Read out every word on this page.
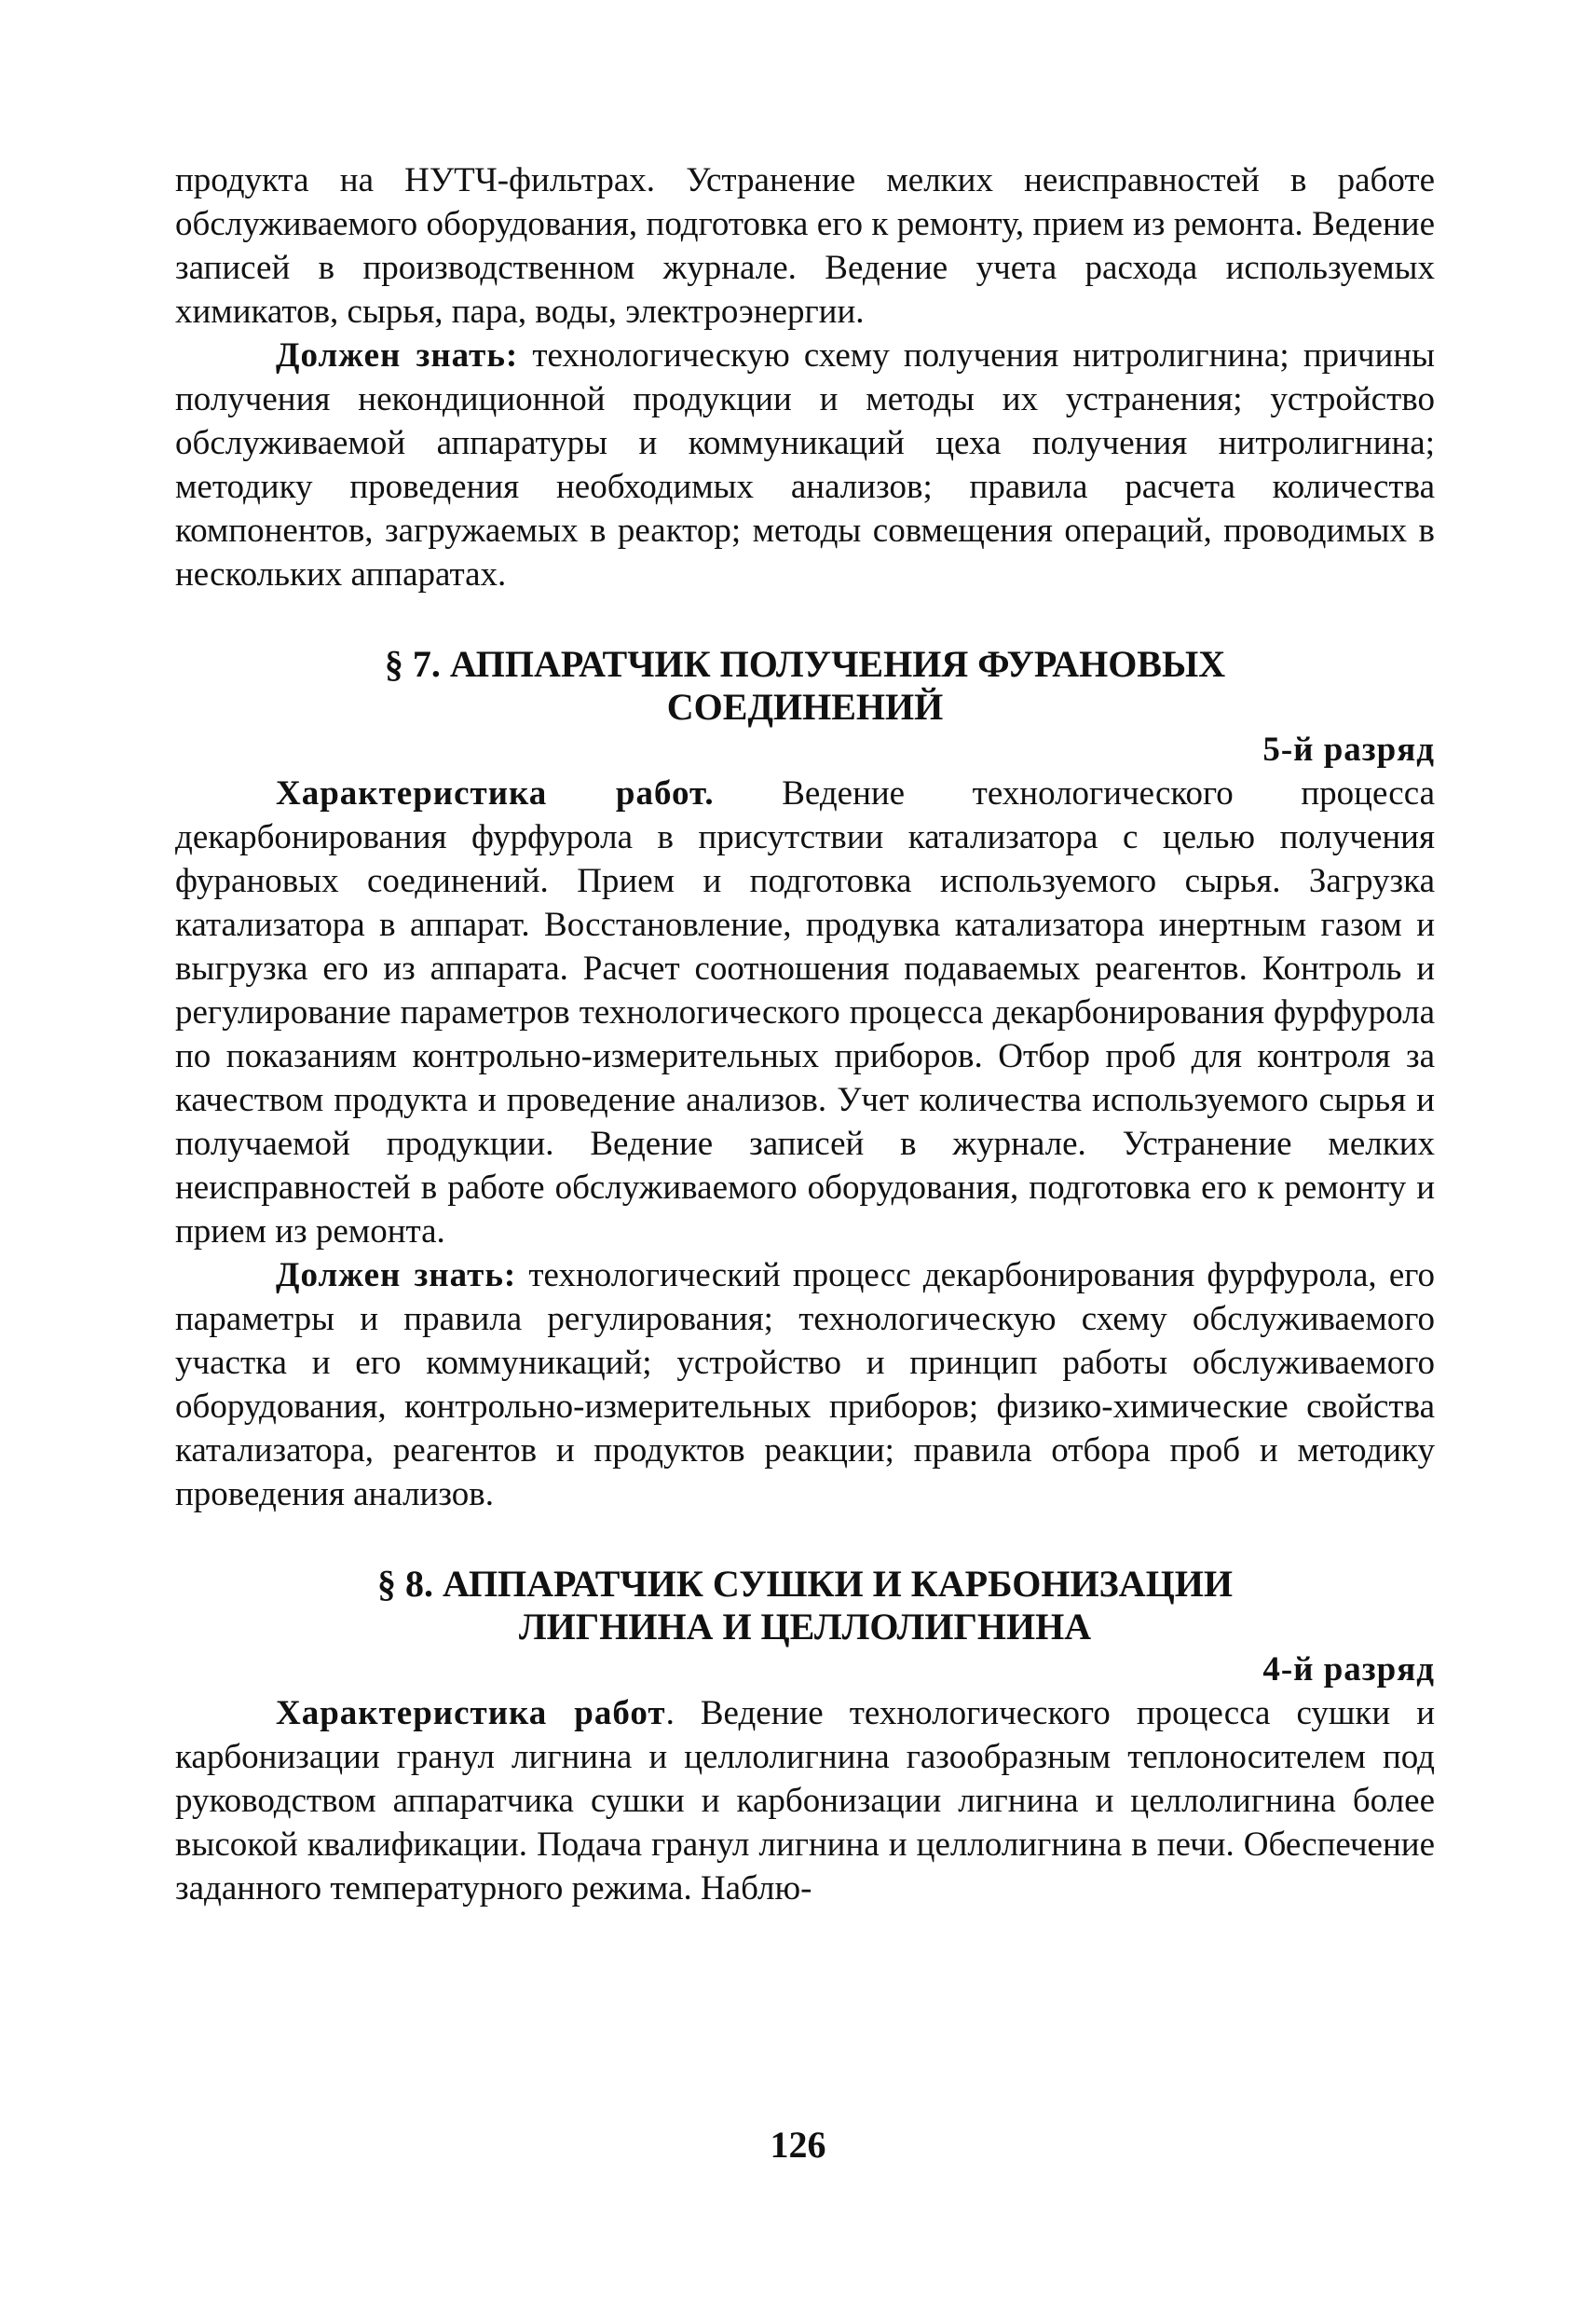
продукта на НУТЧ-фильтрах. Устранение мелких неисправностей в работе обслуживаемого оборудования, подготовка его к ремонту, прием из ремонта. Ведение записей в производственном журнале. Ведение учета расхода используемых химикатов, сырья, пара, воды, электроэнергии.

Должен знать: технологическую схему получения нитролигнина; причины получения некондиционной продукции и методы их устранения; устройство обслуживаемой аппаратуры и коммуникаций цеха получения нитролигнина; методику проведения необходимых анализов; правила расчета количества компонентов, загружаемых в реактор; методы совмещения операций, проводимых в нескольких аппаратах.

§ 7. АППАРАТЧИК ПОЛУЧЕНИЯ ФУРАНОВЫХ
СОЕДИНЕНИЙ
5-й разряд

Характеристика работ. Ведение технологического процесса декарбонирования фурфурола в присутствии катализатора с целью получения фурановых соединений. Прием и подготовка используемого сырья. Загрузка катализатора в аппарат. Восстановление, продувка катализатора инертным газом и выгрузка его из аппарата. Расчет соотношения подаваемых реагентов. Контроль и регулирование параметров технологического процесса декарбонирования фурфурола по показаниям контрольно-измерительных приборов. Отбор проб для контроля за качеством продукта и проведение анализов. Учет количества используемого сырья и получаемой продукции. Ведение записей в журнале. Устранение мелких неисправностей в работе обслуживаемого оборудования, подготовка его к ремонту и прием из ремонта.

Должен знать: технологический процесс декарбонирования фурфурола, его параметры и правила регулирования; технологическую схему обслуживаемого участка и его коммуникаций; устройство и принцип работы обслуживаемого оборудования, контрольно-измерительных приборов; физико-химические свойства катализатора, реагентов и продуктов реакции; правила отбора проб и методику проведения анализов.

§ 8. АППАРАТЧИК СУШКИ И КАРБОНИЗАЦИИ
ЛИГНИНА И ЦЕЛЛОЛИГНИНА
4-й разряд

Характеристика работ. Ведение технологического процесса сушки и карбонизации гранул лигнина и целлолигнина газообразным теплоносителем под руководством аппаратчика сушки и карбонизации лигнина и целлолигнина более высокой квалификации. Подача гранул лигнина и целлолигнина в печи. Обеспечение заданного температурного режима. Наблю-

126
